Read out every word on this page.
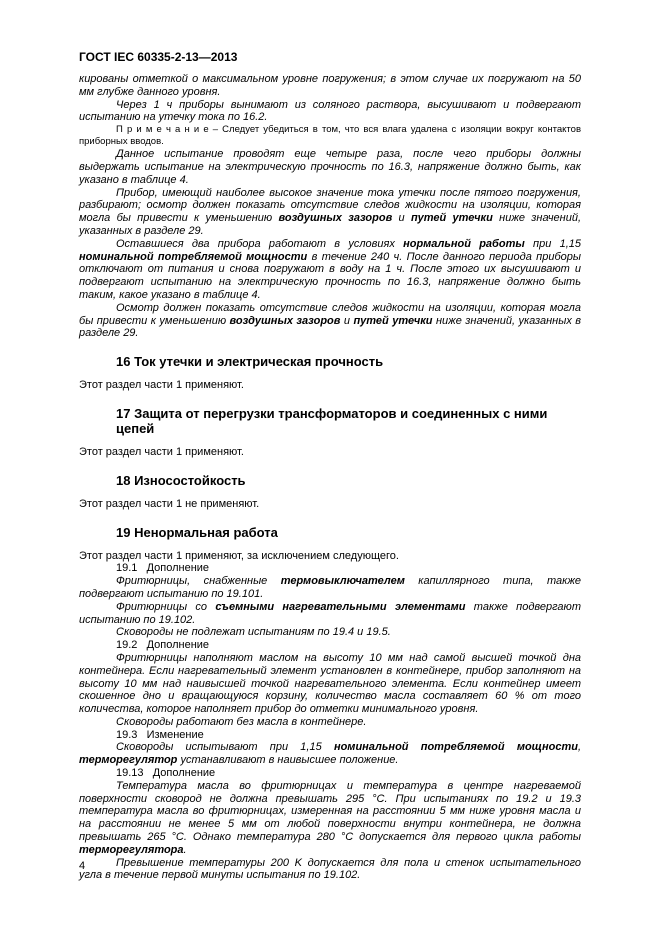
ГОСТ IEC 60335-2-13—2013
кированы отметкой о максимальном уровне погружения; в этом случае их погружают на 50 мм глубже данного уровня.
Через 1 ч приборы вынимают из соляного раствора, высушивают и подвергают испытанию на утечку тока по 16.2.
П р и м е ч а н и е – Следует убедиться в том, что вся влага удалена с изоляции вокруг контактов приборных вводов.
Данное испытание проводят еще четыре раза, после чего приборы должны выдержать испытание на электрическую прочность по 16.3, напряжение должно быть, как указано в таблице 4.
Прибор, имеющий наиболее высокое значение тока утечки после пятого погружения, разбирают; осмотр должен показать отсутствие следов жидкости на изоляции, которая могла бы привести к уменьшению воздушных зазоров и путей утечки ниже значений, указанных в разделе 29.
Оставшиеся два прибора работают в условиях нормальной работы при 1,15 номинальной потребляемой мощности в течение 240 ч. После данного периода приборы отключают от питания и снова погружают в воду на 1 ч. После этого их высушивают и подвергают испытанию на электрическую прочность по 16.3, напряжение должно быть таким, какое указано в таблице 4.
Осмотр должен показать отсутствие следов жидкости на изоляции, которая могла бы привести к уменьшению воздушных зазоров и путей утечки ниже значений, указанных в разделе 29.
16 Ток утечки и электрическая прочность
Этот раздел части 1 применяют.
17 Защита от перегрузки трансформаторов и соединенных с ними цепей
Этот раздел части 1 применяют.
18 Износостойкость
Этот раздел части 1 не применяют.
19 Ненормальная работа
Этот раздел части 1 применяют, за исключением следующего.
19.1   Дополнение
Фритюрницы, снабженные термовыключателем капиллярного типа, также подвергают испытанию по 19.101.
Фритюрницы со съемными нагревательными элементами также подвергают испытанию по 19.102.
Сковороды не подлежат испытаниям по 19.4 и 19.5.
19.2   Дополнение
Фритюрницы наполняют маслом на высоту 10 мм над самой высшей точкой дна контейнера. Если нагревательный элемент установлен в контейнере, прибор заполняют на высоту 10 мм над наивысшей точкой нагревательного элемента. Если контейнер имеет скошенное дно и вращающуюся корзину, количество масла составляет 60 % от того количества, которое наполняет прибор до отметки минимального уровня.
Сковороды работают без масла в контейнере.
19.3   Изменение
Сковороды испытывают при 1,15 номинальной потребляемой мощности, терморегулятор устанавливают в наивысшее положение.
19.13   Дополнение
Температура масла во фритюрницах и температура в центре нагреваемой поверхности сковород не должна превышать 295 °С. При испытаниях по 19.2 и 19.3 температура масла во фритюрницах, измеренная на расстоянии 5 мм ниже уровня масла и на расстоянии не менее 5 мм от любой поверхности внутри контейнера, не должна превышать 265 °С. Однако температура 280 °С допускается для первого цикла работы терморегулятора.
Превышение температуры 200 K допускается для пола и стенок испытательного угла в течение первой минуты испытания по 19.102.
4
